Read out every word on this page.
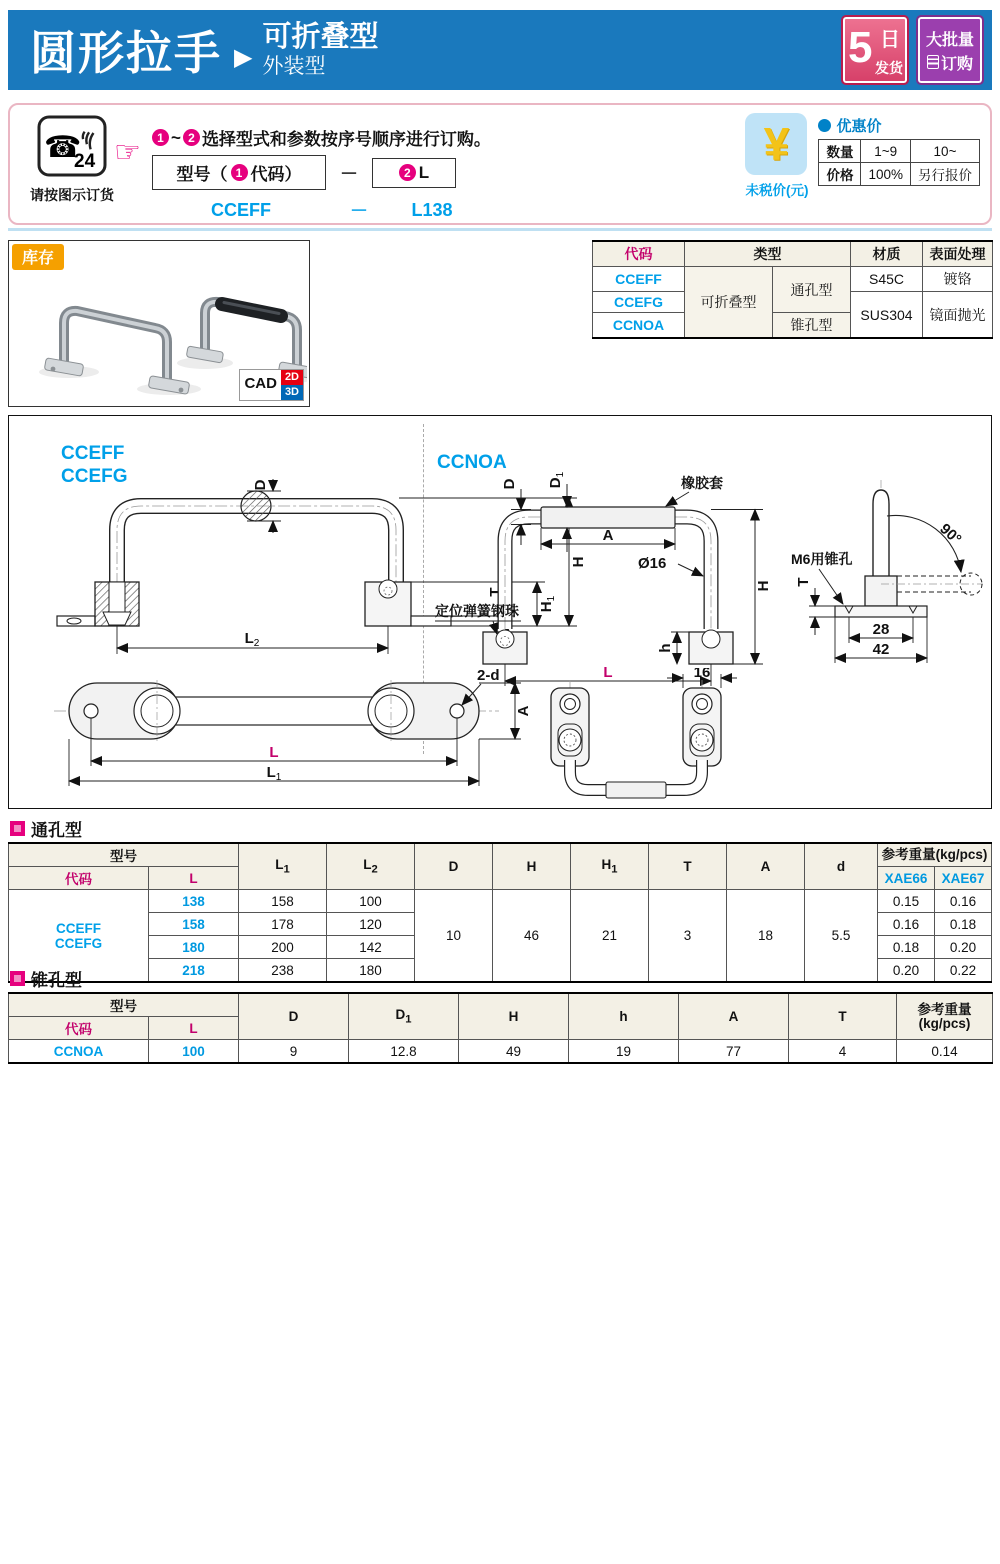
圆形拉手 ▶
可折叠型
外装型	5 日
发货
大批量
订购
☎
24
请按图示订货
☞	1 ~ 2 选择型式和参数按序号顺序进行订购。
型号（ 1 代码） －	2 L
CCEFF	－	L138
¥
未税价(元)
优惠价
数量	1~9	10~
价格	100%	另行报价
库存
CAD 2D
3D
代码	类型		材质	表面处理
CCEFF	可折叠型	通孔型	S45C	镀铬
CCEFG			SUS304	镜面抛光
CCNOA		锥孔型		
CCEFF
CCEFG
CCNOA
D
H
H1
T
L2
2-d
A
L
L1
D D1
橡胶套
A
Ø16
H
h
定位弹簧钢珠
L
90°
M6用锥孔
T
28
42
16
通孔型
型号		$L_1$	$L_2$	D	H	$H_1$	T	A	d	参考重量(kg/pcs)	
代码	L									XAE66	XAE67

CCEFF
CCEFG	138	158	100	10	46	21	3	18	5.5	0.15	0.16
	158	178	120							0.16	0.18
	180	200	142							0.18	0.20
	218	238	180							0.20	0.22
锥孔型
型号		D	$D_1$	H	h	A	T	参考重量
(kg/pcs)

代码	L							
CCNOA	100	9	12.8	49	19	77	4	0.14
